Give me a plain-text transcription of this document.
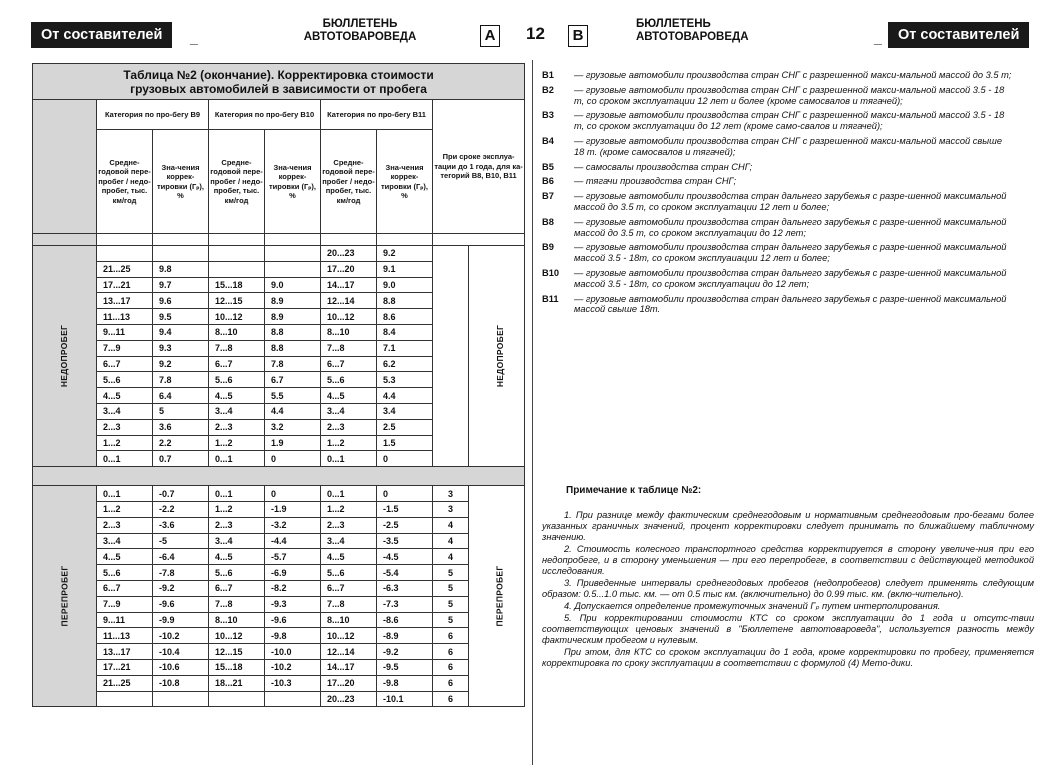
От составителей	_
БЮЛЛЕТЕНЬ
АВТОТОВАРОВЕДА	A 12	B
БЮЛЛЕТЕНЬ
АВТОТОВАРОВЕДА	_	От составителей
Таблица №2 (окончание). Корректировка стоимости
грузовых автомобилей в зависимости от пробега								

	Категория по про-бегу B9		Категория по про-бегу B10		Категория по про-бегу B11		При сроке эксплуа-тации до 1 года, для ка-тегорий B8, B10, B11	
	Средне-годовой пере-пробег / недо-пробег, тыс. км/год	Зна-чения коррек-тировки (Гₚ), %	Средне-годовой пере-пробег / недо-пробег, тыс. км/год	Зна-чения коррек-тировки (Гₚ), %	Средне-годовой пере-пробег / недо-пробег, тыс. км/год	Зна-чения коррек-тировки (Гₚ), %		

НЕДОПРОБЕГ					20...23	9.2		НЕДОПРОБЕГ
	21...25	9.8			17...20	9.1		
	17...21	9.7	15...18	9.0	14...17	9.0		
	13...17	9.6	12...15	8.9	12...14	8.8		
	11...13	9.5	10...12	8.9	10...12	8.6		
	9...11	9.4	8...10	8.8	8...10	8.4		
	7...9	9.3	7...8	8.8	7...8	7.1		
	6...7	9.2	6...7	7.8	6...7	6.2		
	5...6	7.8	5...6	6.7	5...6	5.3		
	4...5	6.4	4...5	5.5	4...5	4.4		
	3...4	5	3...4	4.4	3...4	3.4		
	2...3	3.6	2...3	3.2	2...3	2.5		
	1...2	2.2	1...2	1.9	1...2	1.5		
	0...1	0.7	0...1	0	0...1	0		

ПЕРЕПРОБЕГ	0...1	-0.7	0...1	0	0...1	0	3	ПЕРЕПРОБЕГ
	1...2	-2.2	1...2	-1.9	1...2	-1.5	3	
	2...3	-3.6	2...3	-3.2	2...3	-2.5	4	
	3...4	-5	3...4	-4.4	3...4	-3.5	4	
	4...5	-6.4	4...5	-5.7	4...5	-4.5	4	
	5...6	-7.8	5...6	-6.9	5...6	-5.4	5	
	6...7	-9.2	6...7	-8.2	6...7	-6.3	5	
	7...9	-9.6	7...8	-9.3	7...8	-7.3	5	
	9...11	-9.9	8...10	-9.6	8...10	-8.6	5	
	11...13	-10.2	10...12	-9.8	10...12	-8.9	6	
	13...17	-10.4	12...15	-10.0	12...14	-9.2	6	
	17...21	-10.6	15...18	-10.2	14...17	-9.5	6	
	21...25	-10.8	18...21	-10.3	17...20	-9.8	6	
					20...23	-10.1	6	
B1	— грузовые автомобили производства стран СНГ с разрешенной макси-мальной массой до 3.5 т;
B2	— грузовые автомобили производства стран СНГ с разрешенной макси-мальной массой 3.5 - 18 т, со сроком эксплуатации 12 лет и более (кроме самосвалов и тягачей);
B3	— грузовые автомобили производства стран СНГ с разрешенной макси-мальной массой 3.5 - 18 т, со сроком эксплуатации до 12 лет (кроме само-свалов и тягачей);
B4	— грузовые автомобили производства стран СНГ с разрешенной макси-мальной массой свыше 18 т. (кроме самосвалов и тягачей);
B5	— самосвалы производства стран СНГ;
B6	— тягачи производства стран СНГ;
B7	— грузовые автомобили производства стран дальнего зарубежья с разре-шенной максимальной массой до 3.5 т, со сроком эксплуатации 12 лет и более;
B8	— грузовые автомобили производства стран дальнего зарубежья с разре-шенной максимальной массой до 3.5 т, со сроком эксплуатации до 12 лет;
B9	— грузовые автомобили производства стран дальнего зарубежья с разре-шенной максимальной массой 3.5 - 18т, со сроком эксплуаиации 12 лет и более;
B10	— грузовые автомобили производства стран дальнего зарубежья с разре-шенной максимальной массой 3.5 - 18т, со сроком эксплуатации до 12 лет;
B11	— грузовые автомобили производства стран дальнего зарубежья с разре-шенной максимальной массой свыше 18т.
Примечание к таблице №2:

1. При разнице между фактическим среднегодовым и нормативным среднегодовым про-бегами более указанных граничных значений, процент корректировки следует принимать по ближайшему табличному значению.

2. Стоимость колесного транспортного средства корректируется в сторону увеличе-ния при его недопробеге, и в сторону уменьшения — при его перепробеге, в соответствии с действующей методикой исследования.

3. Приведенные интервалы среднегодовых пробегов (недопробегов) следует применять следующим образом: 0.5...1.0 тыс. км. — от 0.5 тыс км. (включительно) до 0.99 тыс. км. (вклю-чительно).

4. Допускается определение промежуточных значений Гₚ путем интерполирования.

5. При корректировании стоимости КТС со сроком эксплуатации до 1 года и отсутс-твии соответствующих ценовых значений в "Бюллетене автотовароведа", используется разность между фактическим пробегом и нулевым.

При этом, для КТС со сроком эксплуатации до 1 года, кроме корректировки по пробегу, применяется корректировка по сроку эксплуатации в соответствии с формулой (4) Мето-дики.
